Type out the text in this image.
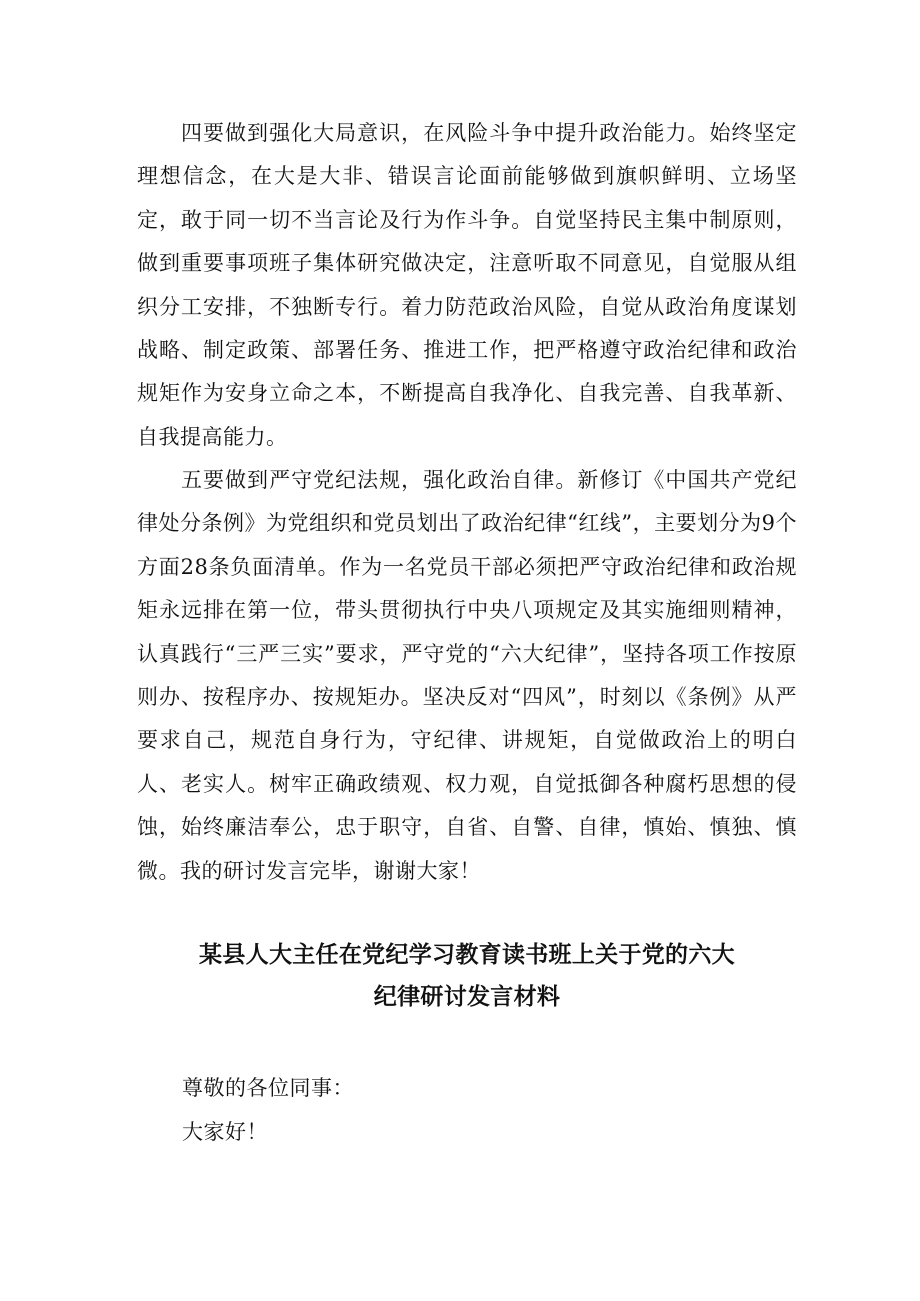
四要做到强化大局意识，在风险斗争中提升政治能力。始终坚定理想信念，在大是大非、错误言论面前能够做到旗帜鲜明、立场坚定，敢于同一切不当言论及行为作斗争。自觉坚持民主集中制原则，做到重要事项班子集体研究做决定，注意听取不同意见，自觉服从组织分工安排，不独断专行。着力防范政治风险，自觉从政治角度谋划战略、制定政策、部署任务、推进工作，把严格遵守政治纪律和政治规矩作为安身立命之本，不断提高自我净化、自我完善、自我革新、自我提高能力。

五要做到严守党纪法规，强化政治自律。新修订《中国共产党纪律处分条例》为党组织和党员划出了政治纪律“红线”，主要划分为9个方面28条负面清单。作为一名党员干部必须把严守政治纪律和政治规矩永远排在第一位，带头贯彻执行中央八项规定及其实施细则精神，认真践行“三严三实”要求，严守党的“六大纪律”，坚持各项工作按原则办、按程序办、按规矩办。坚决反对“四风”，时刻以《条例》从严要求自己，规范自身行为，守纪律、讲规矩，自觉做政治上的明白人、老实人。树牢正确政绩观、权力观，自觉抵御各种腐朽思想的侵蚀，始终廉洁奉公，忠于职守，自省、自警、自律，慎始、慎独、慎微。我的研讨发言完毕，谢谢大家！

某县人大主任在党纪学习教育读书班上关于党的六大
纪律研讨发言材料

尊敬的各位同事：

大家好！
